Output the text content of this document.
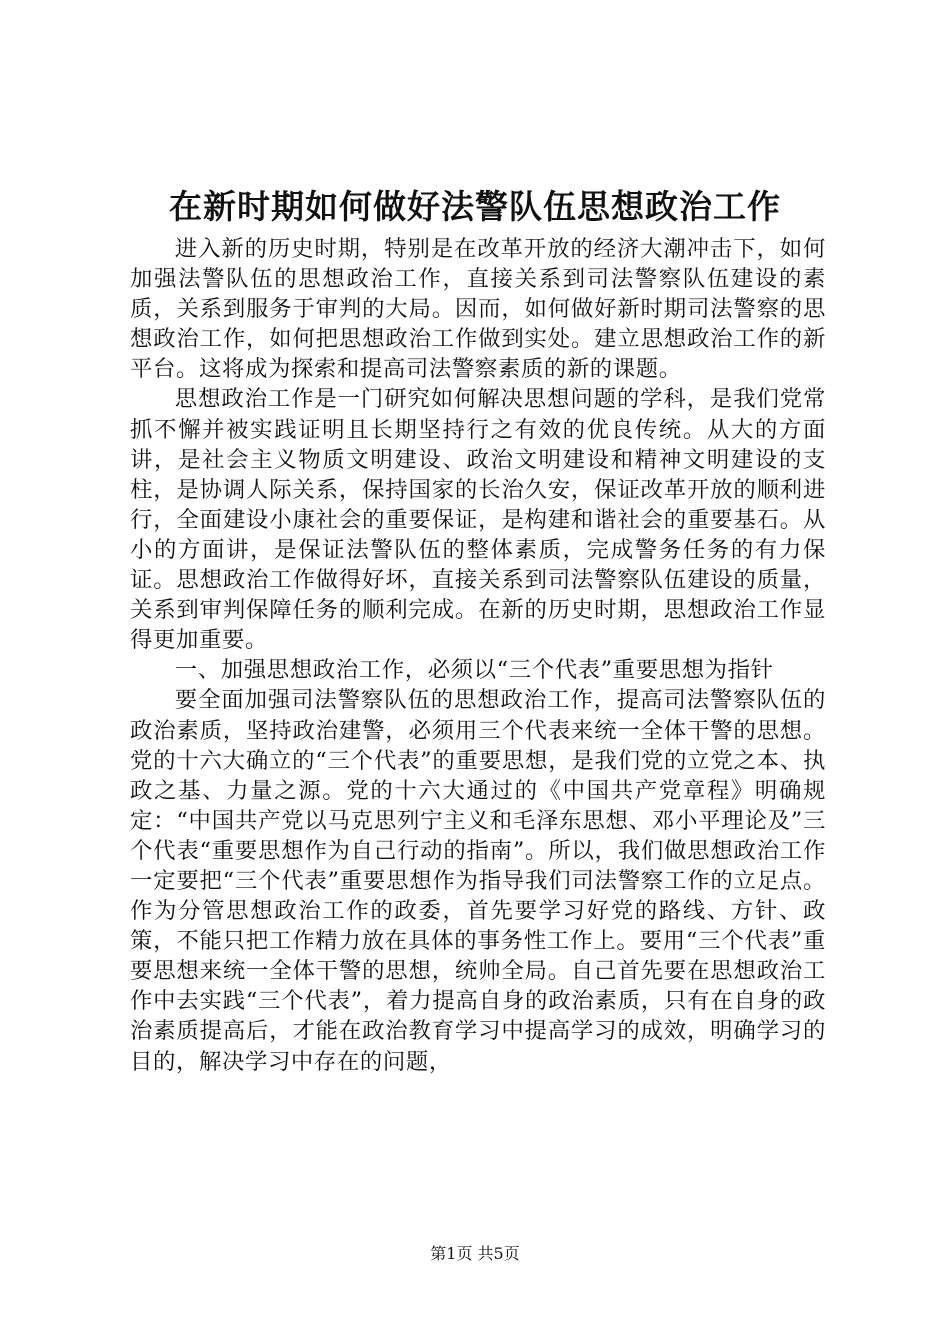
在新时期如何做好法警队伍思想政治工作

进入新的历史时期，特别是在改革开放的经济大潮冲击下，如何加强法警队伍的思想政治工作，直接关系到司法警察队伍建设的素质，关系到服务于审判的大局。因而，如何做好新时期司法警察的思想政治工作，如何把思想政治工作做到实处。建立思想政治工作的新平台。这将成为探索和提高司法警察素质的新的课题。

思想政治工作是一门研究如何解决思想问题的学科，是我们党常抓不懈并被实践证明且长期坚持行之有效的优良传统。从大的方面讲，是社会主义物质文明建设、政治文明建设和精神文明建设的支柱，是协调人际关系，保持国家的长治久安，保证改革开放的顺利进行，全面建设小康社会的重要保证，是构建和谐社会的重要基石。从小的方面讲，是保证法警队伍的整体素质，完成警务任务的有力保证。思想政治工作做得好坏，直接关系到司法警察队伍建设的质量，关系到审判保障任务的顺利完成。在新的历史时期，思想政治工作显得更加重要。

一、加强思想政治工作，必须以“三个代表”重要思想为指针

要全面加强司法警察队伍的思想政治工作，提高司法警察队伍的政治素质，坚持政治建警，必须用三个代表来统一全体干警的思想。党的十六大确立的“三个代表”的重要思想，是我们党的立党之本、执政之基、力量之源。党的十六大通过的《中国共产党章程》明确规定：“中国共产党以马克思列宁主义和毛泽东思想、邓小平理论及”三个代表“重要思想作为自己行动的指南”。所以，我们做思想政治工作一定要把“三个代表”重要思想作为指导我们司法警察工作的立足点。作为分管思想政治工作的政委，首先要学习好党的路线、方针、政策，不能只把工作精力放在具体的事务性工作上。要用“三个代表”重要思想来统一全体干警的思想，统帅全局。自己首先要在思想政治工作中去实践“三个代表”，着力提高自身的政治素质，只有在自身的政治素质提高后，才能在政治教育学习中提高学习的成效，明确学习的目的，解决学习中存在的问题，

第1页 共5页
